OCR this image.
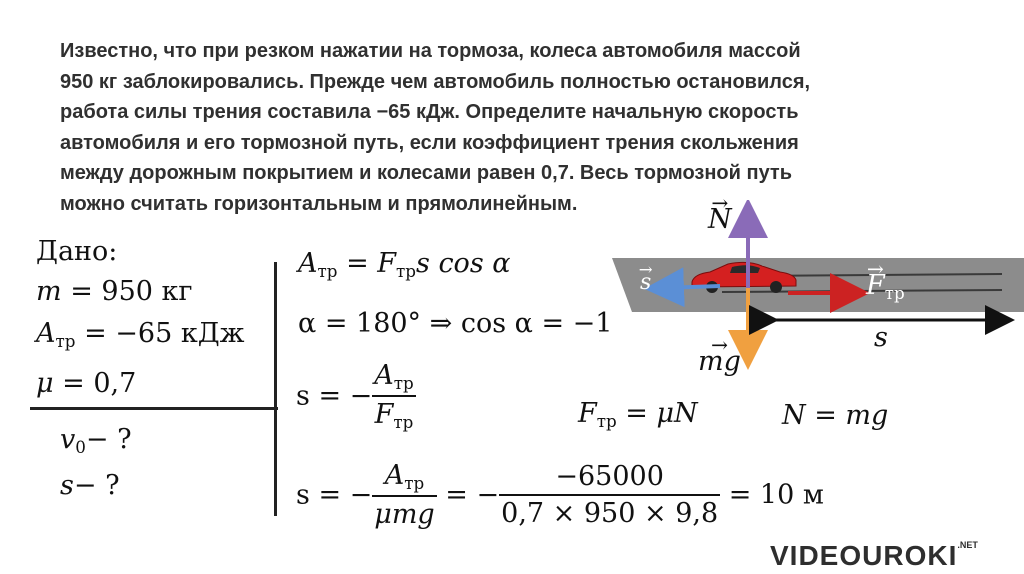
Известно, что при резком нажатии на тормоза, колеса автомобиля массой
950 кг заблокировались. Прежде чем автомобиль полностью остановился,
работа силы трения составила −65 кДж. Определите начальную скорость
автомобиля и его тормозной путь, если коэффициент трения скольжения
между дорожным покрытием и колесами равен 0,7. Весь тормозной путь
можно считать горизонтальным и прямолинейным.

Дано:
m = 950 кг
$A_{тр} = -65$ кДж
μ = 0,7
$v_0-$ ?
s− ?
$A_{тр} = F_{тр}s$ cos α
α = 180° ⇒ cos α = −1
s = − $\frac{A_{тр}}{F_{тр}}$	$F_{тр} = \mu N$	N = mg
s = − $\frac{A_{тр}}{\text{μmg}}$ = − $\frac{-65000}{0,7 \times 950 \times 9,8} = 10$ м
→ N
→ s
→	$F_{тр}$
s
→ mg
$VIDEOUROKI^{.NET}$
